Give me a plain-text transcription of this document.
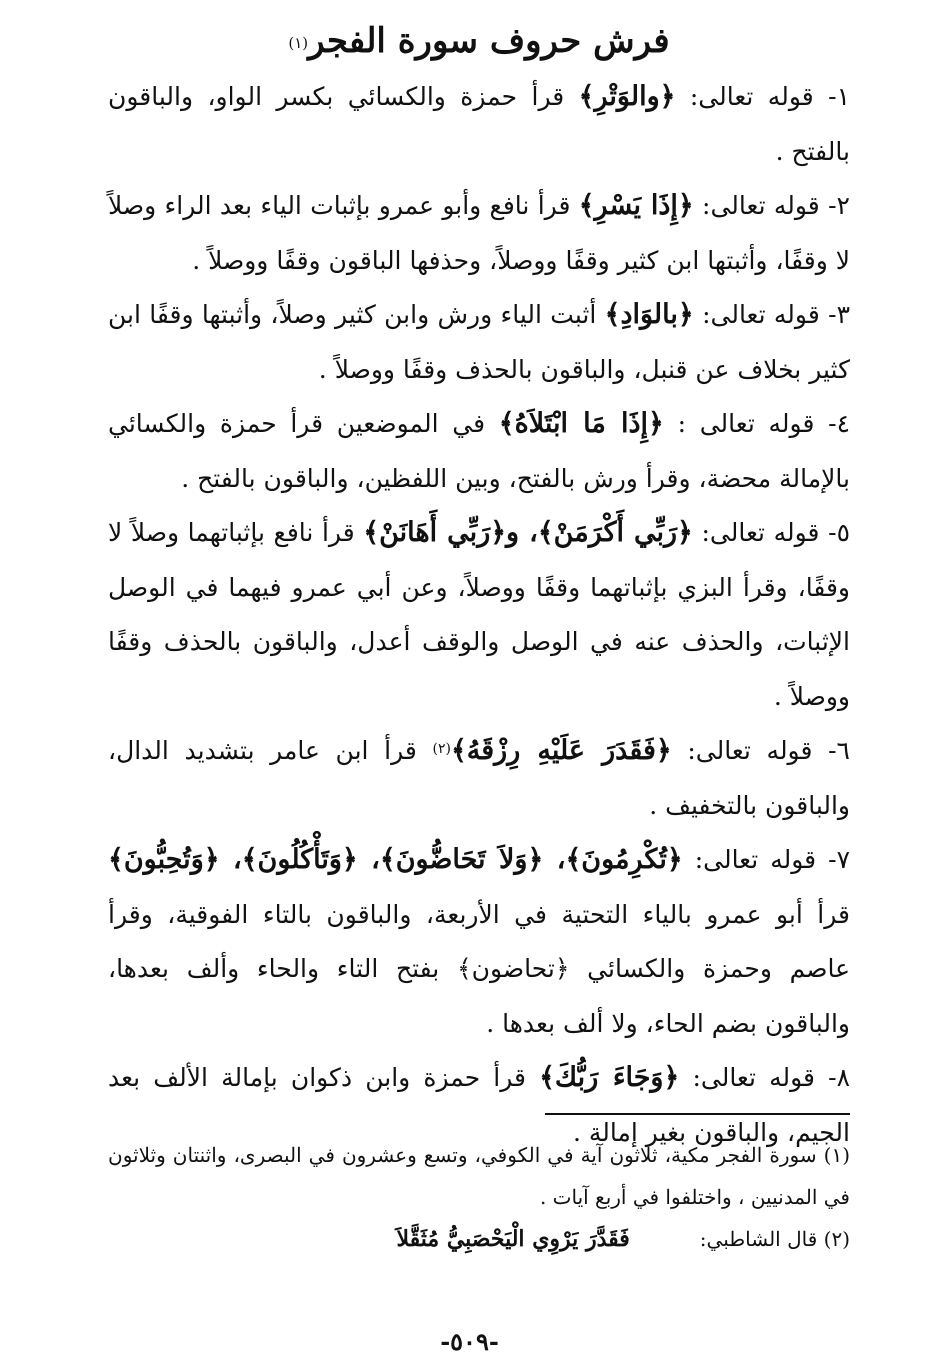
فرش حروف سورة الفجر$^{(١)}$

١- قوله تعالى: ﴿والوَتْرِ﴾ قرأ حمزة والكسائي بكسر الواو، والباقون بالفتح .

٢- قوله تعالى: ﴿إِذَا يَسْرِ﴾ قرأ نافع وأبو عمرو بإثبات الياء بعد الراء وصلاً لا وقفًا، وأثبتها ابن كثير وقفًا ووصلاً، وحذفها الباقون وقفًا ووصلاً .

٣- قوله تعالى: ﴿بالوَادِ﴾ أثبت الياء ورش وابن كثير وصلاً، وأثبتها وقفًا ابن كثير بخلاف عن قنبل، والباقون بالحذف وقفًا ووصلاً .

٤- قوله تعالى : ﴿إِذَا مَا ابْتَلاَهُ﴾ في الموضعين قرأ حمزة والكسائي بالإمالة محضة، وقرأ ورش بالفتح، وبين اللفظين، والباقون بالفتح .

٥- قوله تعالى: ﴿رَبِّي أَكْرَمَنْ﴾، و﴿رَبِّي أَهَانَنْ﴾ قرأ نافع بإثباتهما وصلاً لا وقفًا، وقرأ البزي بإثباتهما وقفًا ووصلاً، وعن أبي عمرو فيهما في الوصل الإثبات، والحذف عنه في الوصل والوقف أعدل، والباقون بالحذف وقفًا ووصلاً .

٦- قوله تعالى: ﴿فَقَدَرَ عَلَيْهِ رِزْقَهُ﴾$^{(٢)}$ قرأ ابن عامر بتشديد الدال، والباقون بالتخفيف .

٧- قوله تعالى: ﴿تُكْرِمُونَ﴾، ﴿وَلاَ تَحَاضُّونَ﴾، ﴿وَتَأْكُلُونَ﴾، ﴿وَتُحِبُّونَ﴾ قرأ أبو عمرو بالياء التحتية في الأربعة، والباقون بالتاء الفوقية، وقرأ عاصم وحمزة والكسائي ﴿تحاضون﴾ بفتح التاء والحاء وألف بعدها، والباقون بضم الحاء، ولا ألف بعدها .

٨- قوله تعالى: ﴿وَجَاءَ رَبُّكَ﴾ قرأ حمزة وابن ذكوان بإمالة الألف بعد الجيم، والباقون بغير إمالة .

(١) سورة الفجر مكية، ثلاثون آية في الكوفي، وتسع وعشرون في البصرى، واثنتان وثلاثون في المدنيين ، واختلفوا في أربع آيات .

(٢) قال الشاطبي:
فَقَدَّرَ يَرْوِي الْيَحْصَبِيُّ مُثَقَّلاَ

-٥٠٩-
